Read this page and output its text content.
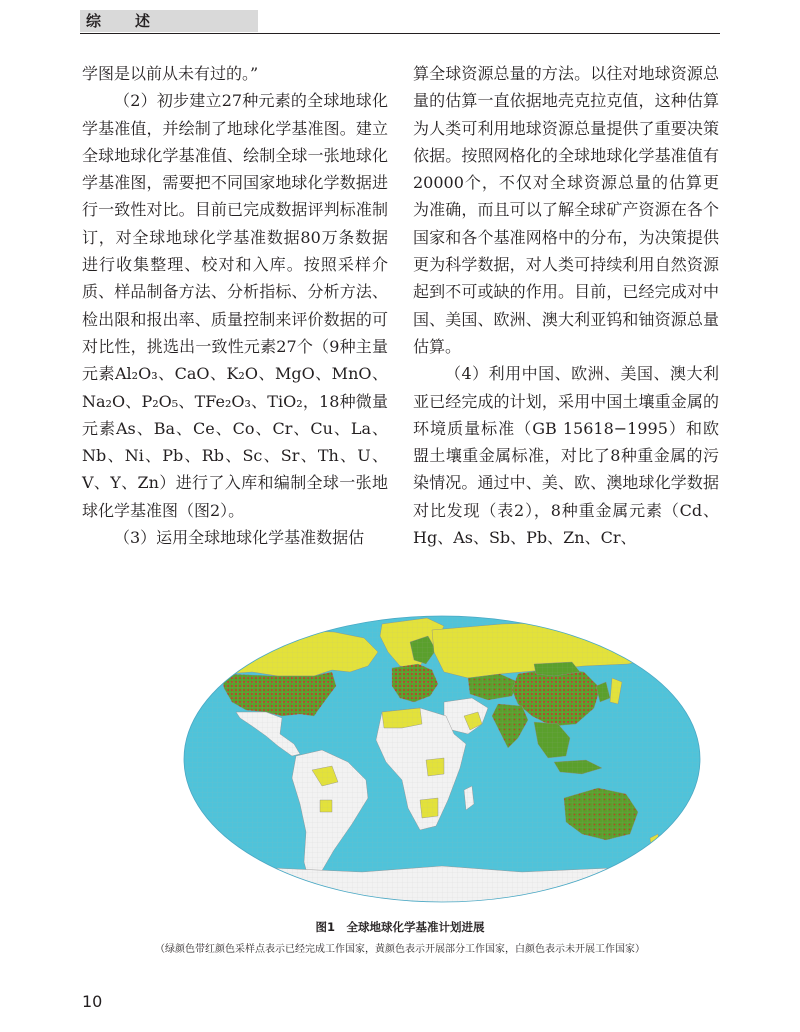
综述

学图是以前从未有过的。”

（2）初步建立27种元素的全球地球化学基准值，并绘制了地球化学基准图。建立全球地球化学基准值、绘制全球一张地球化学基准图，需要把不同国家地球化学数据进行一致性对比。目前已完成数据评判标准制订，对全球地球化学基准数据80万条数据进行收集整理、校对和入库。按照采样介质、样品制备方法、分析指标、分析方法、检出限和报出率、质量控制来评价数据的可对比性，挑选出一致性元素27个（9种主量元素Al₂O₃、CaO、K₂O、MgO、MnO、Na₂O、P₂O₅、TFe₂O₃、TiO₂，18种微量元素As、Ba、Ce、Co、Cr、Cu、La、Nb、Ni、Pb、Rb、Sc、Sr、Th、U、V、Y、Zn）进行了入库和编制全球一张地球化学基准图（图2）。

（3）运用全球地球化学基准数据估

算全球资源总量的方法。以往对地球资源总量的估算一直依据地壳克拉克值，这种估算为人类可利用地球资源总量提供了重要决策依据。按照网格化的全球地球化学基准值有20000个，不仅对全球资源总量的估算更为准确，而且可以了解全球矿产资源在各个国家和各个基准网格中的分布，为决策提供更为科学数据，对人类可持续利用自然资源起到不可或缺的作用。目前，已经完成对中国、美国、欧洲、澳大利亚钨和铀资源总量估算。

（4）利用中国、欧洲、美国、澳大利亚已经完成的计划，采用中国土壤重金属的环境质量标准（GB 15618−1995）和欧盟土壤重金属标准，对比了8种重金属的污染情况。通过中、美、欧、澳地球化学数据对比发现（表2），8种重金属元素（Cd、Hg、As、Sb、Pb、Zn、Cr、

图1　全球地球化学基准计划进展
（绿颜色带红颜色采样点表示已经完成工作国家，黄颜色表示开展部分工作国家，白颜色表示未开展工作国家）
10
